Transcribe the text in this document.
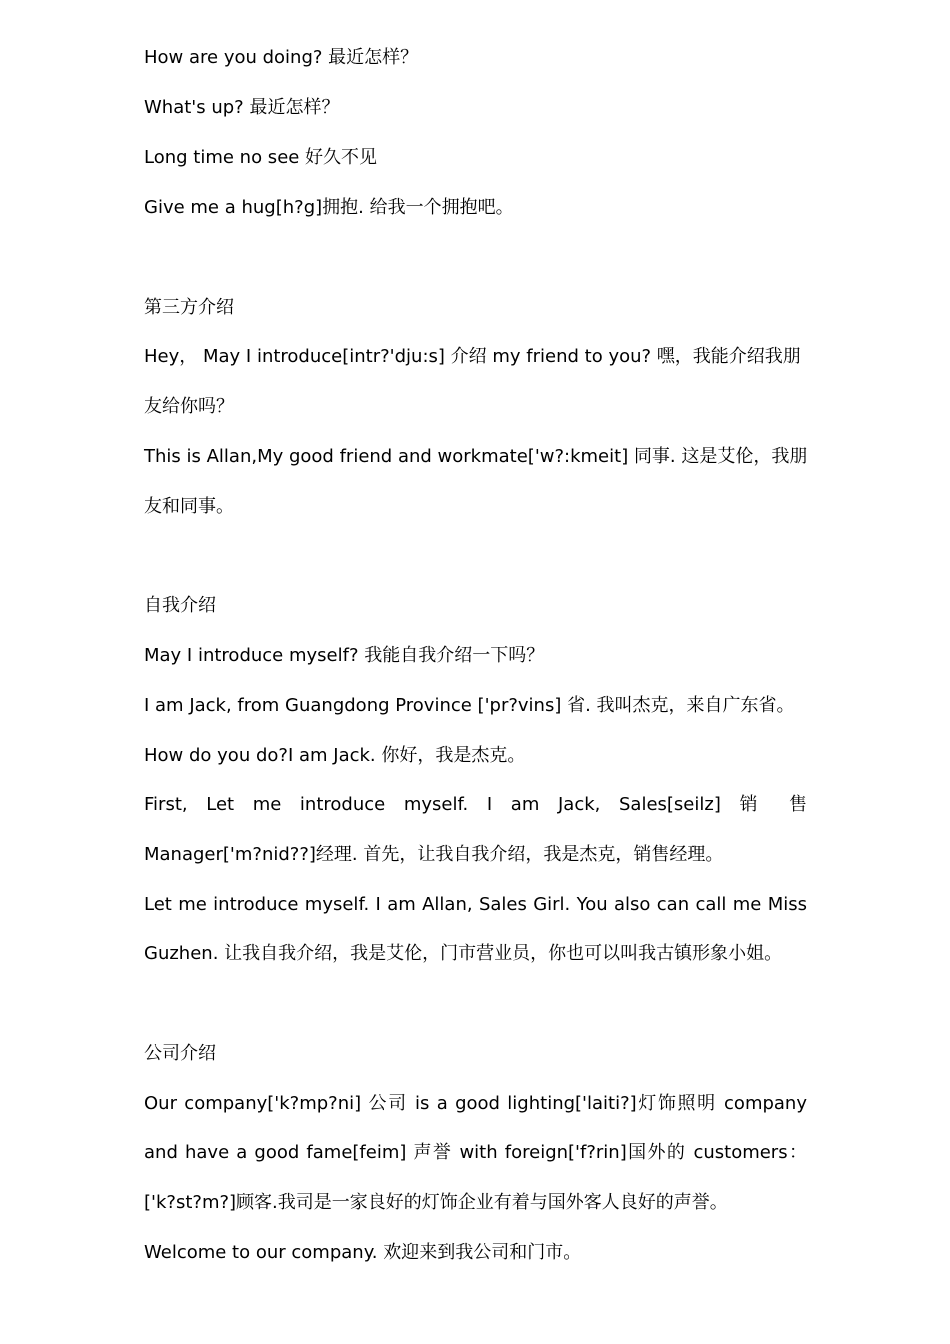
How are you doing? 最近怎样？
What's up? 最近怎样？
Long time no see 好久不见
Give me a hug[h?g]拥抱. 给我一个拥抱吧。
第三方介绍
Hey， May I introduce[intr?'dju:s] 介绍 my friend to you? 嘿，我能介绍我朋
友给你吗？
This is Allan,My good friend and workmate['w?:kmeit] 同事. 这是艾伦，我朋
友和同事。
自我介绍
May I introduce myself? 我能自我介绍一下吗？
I am Jack, from Guangdong Province ['pr?vins] 省. 我叫杰克，来自广东省。
How do you do?I am Jack. 你好，我是杰克。
First, Let me introduce myself. I am Jack, Sales[seilz] 销 售
Manager['m?nid??]经理. 首先，让我自我介绍，我是杰克，销售经理。
Let me introduce myself. I am Allan, Sales Girl. You also can call me Miss
Guzhen. 让我自我介绍，我是艾伦，门市营业员，你也可以叫我古镇形象小姐。
公司介绍
Our company['k?mp?ni] 公司 is a good lighting['laiti?]灯饰照明 company
and have a good fame[feim] 声誉 with foreign['f?rin]国外的 customers：
['k?st?m?]顾客.我司是一家良好的灯饰企业有着与国外客人良好的声誉。
Welcome to our company. 欢迎来到我公司和门市。
